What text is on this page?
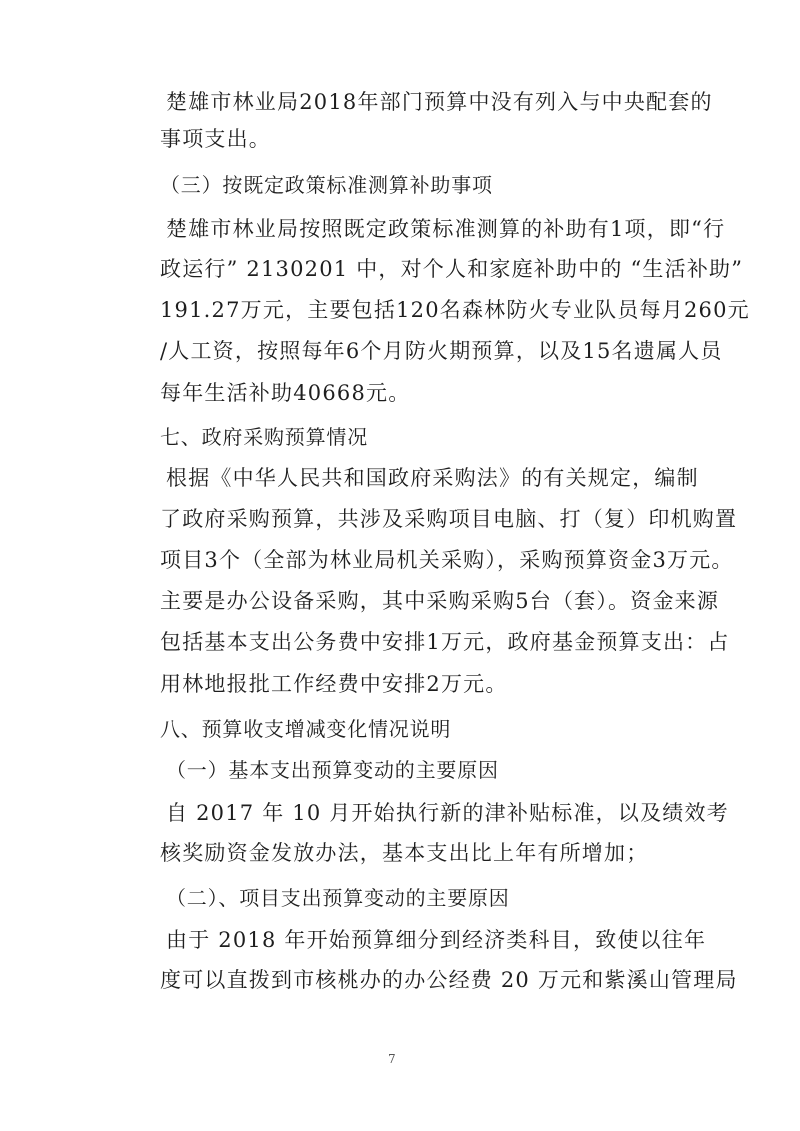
楚雄市林业局2018年部门预算中没有列入与中央配套的
事项支出。
（三）按既定政策标准测算补助事项
楚雄市林业局按照既定政策标准测算的补助有1项，即“行
政运行” 2130201 中，对个人和家庭补助中的 “生活补助”
191.27万元，主要包括120名森林防火专业队员每月260元
/人工资，按照每年6个月防火期预算，以及15名遗属人员
每年生活补助40668元。
七、政府采购预算情况
根据《中华人民共和国政府采购法》的有关规定，编制
了政府采购预算，共涉及采购项目电脑、打（复）印机购置
项目3个（全部为林业局机关采购），采购预算资金3万元。
主要是办公设备采购，其中采购采购5台（套）。资金来源
包括基本支出公务费中安排1万元，政府基金预算支出：占
用林地报批工作经费中安排2万元。
八、预算收支增减变化情况说明
（一）基本支出预算变动的主要原因
自 2017 年 10 月开始执行新的津补贴标准，以及绩效考
核奖励资金发放办法，基本支出比上年有所增加；
（二）、项目支出预算变动的主要原因
由于 2018 年开始预算细分到经济类科目，致使以往年
度可以直拨到市核桃办的办公经费 20 万元和紫溪山管理局
7
